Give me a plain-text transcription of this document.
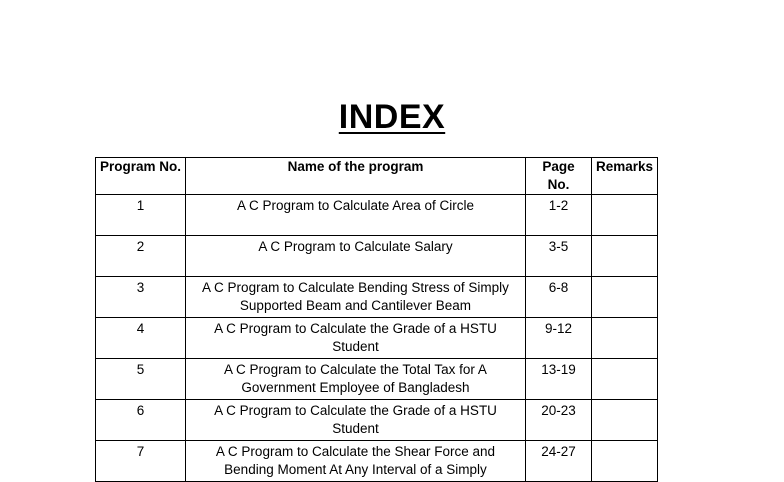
INDEX
Program No.	Name of the program	Page No.	Remarks
1	A C Program to Calculate Area of Circle	1-2	
2	A C Program to Calculate Salary	3-5	
3	A C Program to Calculate Bending Stress of Simply Supported Beam and Cantilever Beam	6-8	
4	A C Program to Calculate the Grade of a HSTU Student	9-12	
5	A C Program to Calculate the Total Tax for A Government Employee of Bangladesh	13-19	
6	A C Program to Calculate the Grade of a HSTU Student	20-23	
7	A C Program to Calculate the Shear Force and Bending Moment At Any Interval of a Simply	24-27	
